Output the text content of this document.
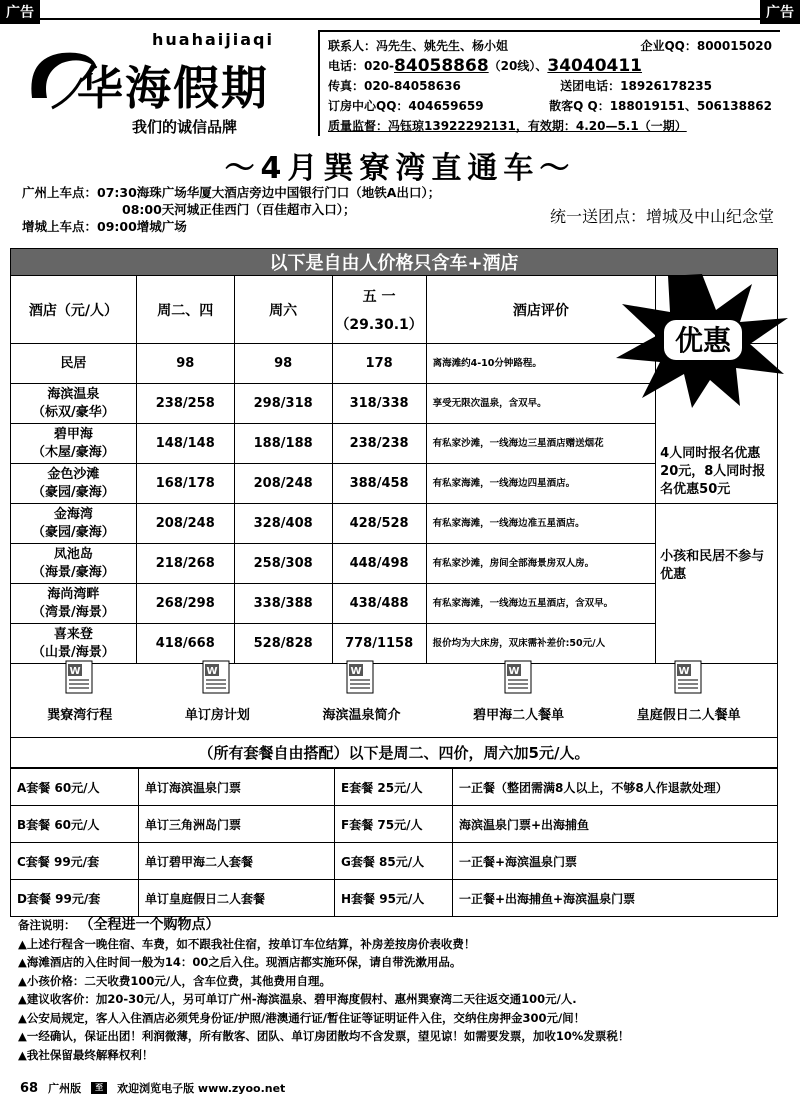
广告	广告
huahaijiaqi
华海假期
我们的诚信品牌
联系人：冯先生、姚先生、杨小姐	企业QQ：800015020
电话：020- 84058868 （20线）、 34040411
传真：020-84058636	送团电话：18926178235
订房中心QQ：404659659	散客Q Q：188019151、506138862
质量监督：冯钰琼13922292131，有效期：4.20—5.1（一期）
～4月巽寮湾直通车～
广州上车点：07:30海珠广场华厦大酒店旁边中国银行门口（地铁A出口）；
08:00天河城正佳西门（百佳超市入口）；
增城上车点：09:00增城广场
统一送团点：增城及中山纪念堂
以下是自由人价格只含车+酒店					
酒店（元/人）	周二、四	周六	五 一
（29.30.1）	酒店评价	
民居	98	98	178	离海滩约4-10分钟路程。	4人同时报名优惠20元，8人同时报名优惠50元

海滨温泉
（标双/豪华）	238/258	298/318	318/338	享受无限次温泉，含双早。	

碧甲海
（木屋/豪海）	148/148	188/188	238/238	有私家沙滩，一线海边三星酒店赠送烟花	

金色沙滩
（豪园/豪海）	168/178	208/248	388/458	有私家海滩，一线海边四星酒店。	

金海湾
（豪园/豪海）	208/248	328/408	428/528	有私家海滩，一线海边准五星酒店。	小孩和民居不参与优惠

凤池岛
（海景/豪海）	218/268	258/308	448/498	有私家沙滩，房间全部海景房双人房。	

海尚湾畔
（湾景/海景）	268/298	338/388	438/488	有私家海滩，一线海边五星酒店，含双早。	

喜来登
（山景/海景）	418/668	528/828	778/1158	报价均为大床房，双床需补差价:50元/人	
优惠
W
巽寮湾行程
W
单订房计划
W
海滨温泉简介
W
碧甲海二人餐单
W
皇庭假日二人餐单
（所有套餐自由搭配）以下是周二、四价，周六加5元/人。
A套餐 60元/人	单订海滨温泉门票	E套餐 25元/人	一正餐（整团需满8人以上，不够8人作退款处理）
B套餐 60元/人	单订三角洲岛门票	F套餐 75元/人	海滨温泉门票+出海捕鱼
C套餐 99元/套	单订碧甲海二人套餐	G套餐 85元/人	一正餐+海滨温泉门票
D套餐 99元/套	单订皇庭假日二人套餐	H套餐 95元/人	一正餐+出海捕鱼+海滨温泉门票
备注说明： （全程进一个购物点）
▲上述行程含一晚住宿、车费，如不跟我社住宿，按单订车位结算，补房差按房价表收费！
▲海滩酒店的入住时间一般为14：00之后入住。现酒店都实施环保，请自带洗漱用品。
▲小孩价格：二天收费100元/人，含车位费，其他费用自理。
▲建议收客价：加20-30元/人，另可单订广州-海滨温泉、碧甲海度假村、惠州巽寮湾二天往返交通100元/人.
▲公安局规定，客人入住酒店必须凭身份证/护照/港澳通行证/暂住证等证明证件入住，交纳住房押金300元/间！
▲一经确认，保证出团！利润微薄，所有散客、团队、单订房团散均不含发票，望见谅！如需要发票，加收10%发票税！
▲我社保留最终解释权利！
68 广州版	至	欢迎浏览电子版 www.zyoo.net
